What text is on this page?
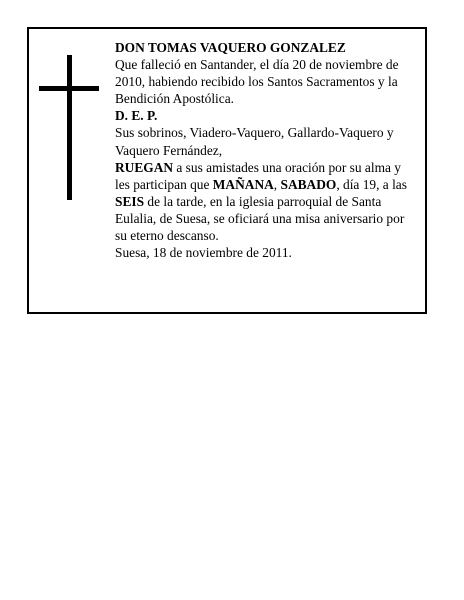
DON TOMAS VAQUERO GONZALEZ

Que falleció en Santander, el día 20 de noviembre de 2010, habiendo recibido los Santos Sacramentos y la Bendición Apostólica.

D. E. P.

Sus sobrinos, Viadero-Vaquero, Gallardo-Vaquero y Vaquero Fernández,

RUEGAN a sus amistades una oración por su alma y les participan que MAÑANA, SABADO, día 19, a las SEIS de la tarde, en la iglesia parroquial de Santa Eulalia, de Suesa, se oficiará una misa aniversario por su eterno descanso.

Suesa, 18 de noviembre de 2011.
